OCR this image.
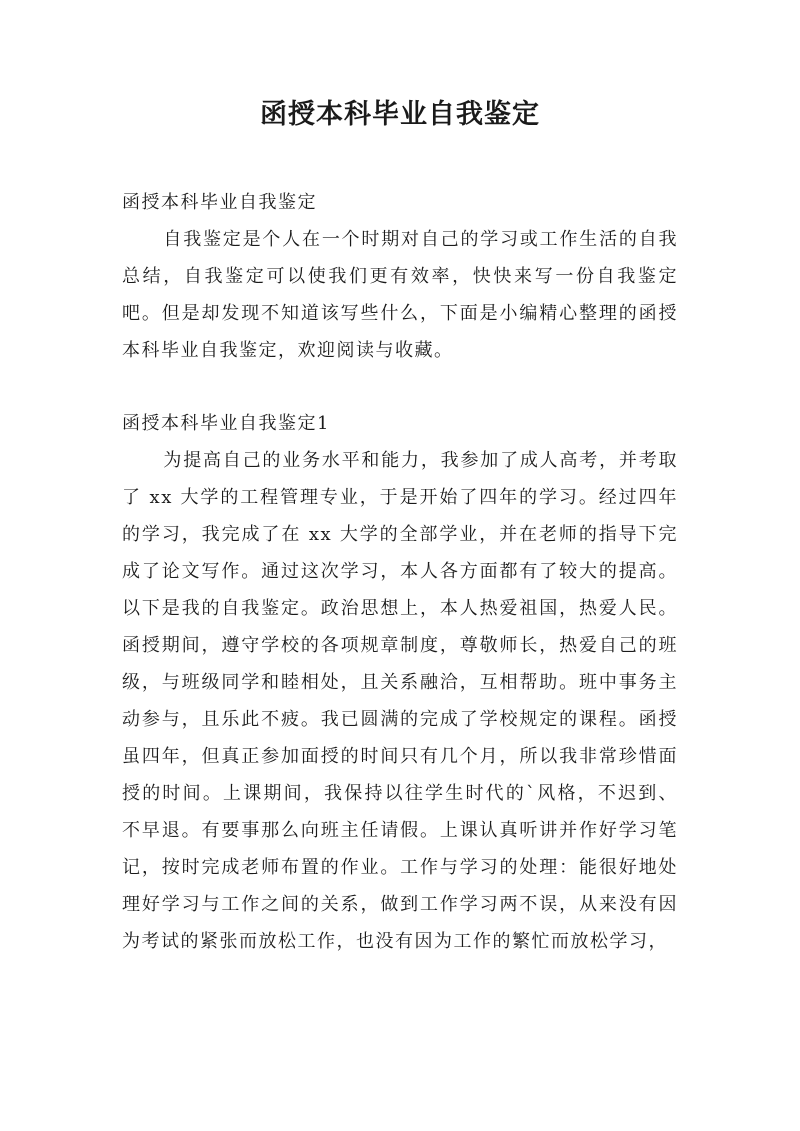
函授本科毕业自我鉴定

函授本科毕业自我鉴定

自我鉴定是个人在一个时期对自己的学习或工作生活的自我总结，自我鉴定可以使我们更有效率，快快来写一份自我鉴定吧。但是却发现不知道该写些什么，下面是小编精心整理的函授本科毕业自我鉴定，欢迎阅读与收藏。

函授本科毕业自我鉴定1

为提高自己的业务水平和能力，我参加了成人高考，并考取了 xx 大学的工程管理专业，于是开始了四年的学习。经过四年的学习，我完成了在 xx 大学的全部学业，并在老师的指导下完成了论文写作。通过这次学习，本人各方面都有了较大的提高。以下是我的自我鉴定。政治思想上，本人热爱祖国，热爱人民。函授期间，遵守学校的各项规章制度，尊敬师长，热爱自己的班级，与班级同学和睦相处，且关系融洽，互相帮助。班中事务主动参与，且乐此不疲。我已圆满的完成了学校规定的课程。函授虽四年，但真正参加面授的时间只有几个月，所以我非常珍惜面授的时间。上课期间，我保持以往学生时代的`风格，不迟到、不早退。有要事那么向班主任请假。上课认真听讲并作好学习笔记，按时完成老师布置的作业。工作与学习的处理：能很好地处理好学习与工作之间的关系，做到工作学习两不误，从来没有因为考试的紧张而放松工作，也没有因为工作的繁忙而放松学习，
